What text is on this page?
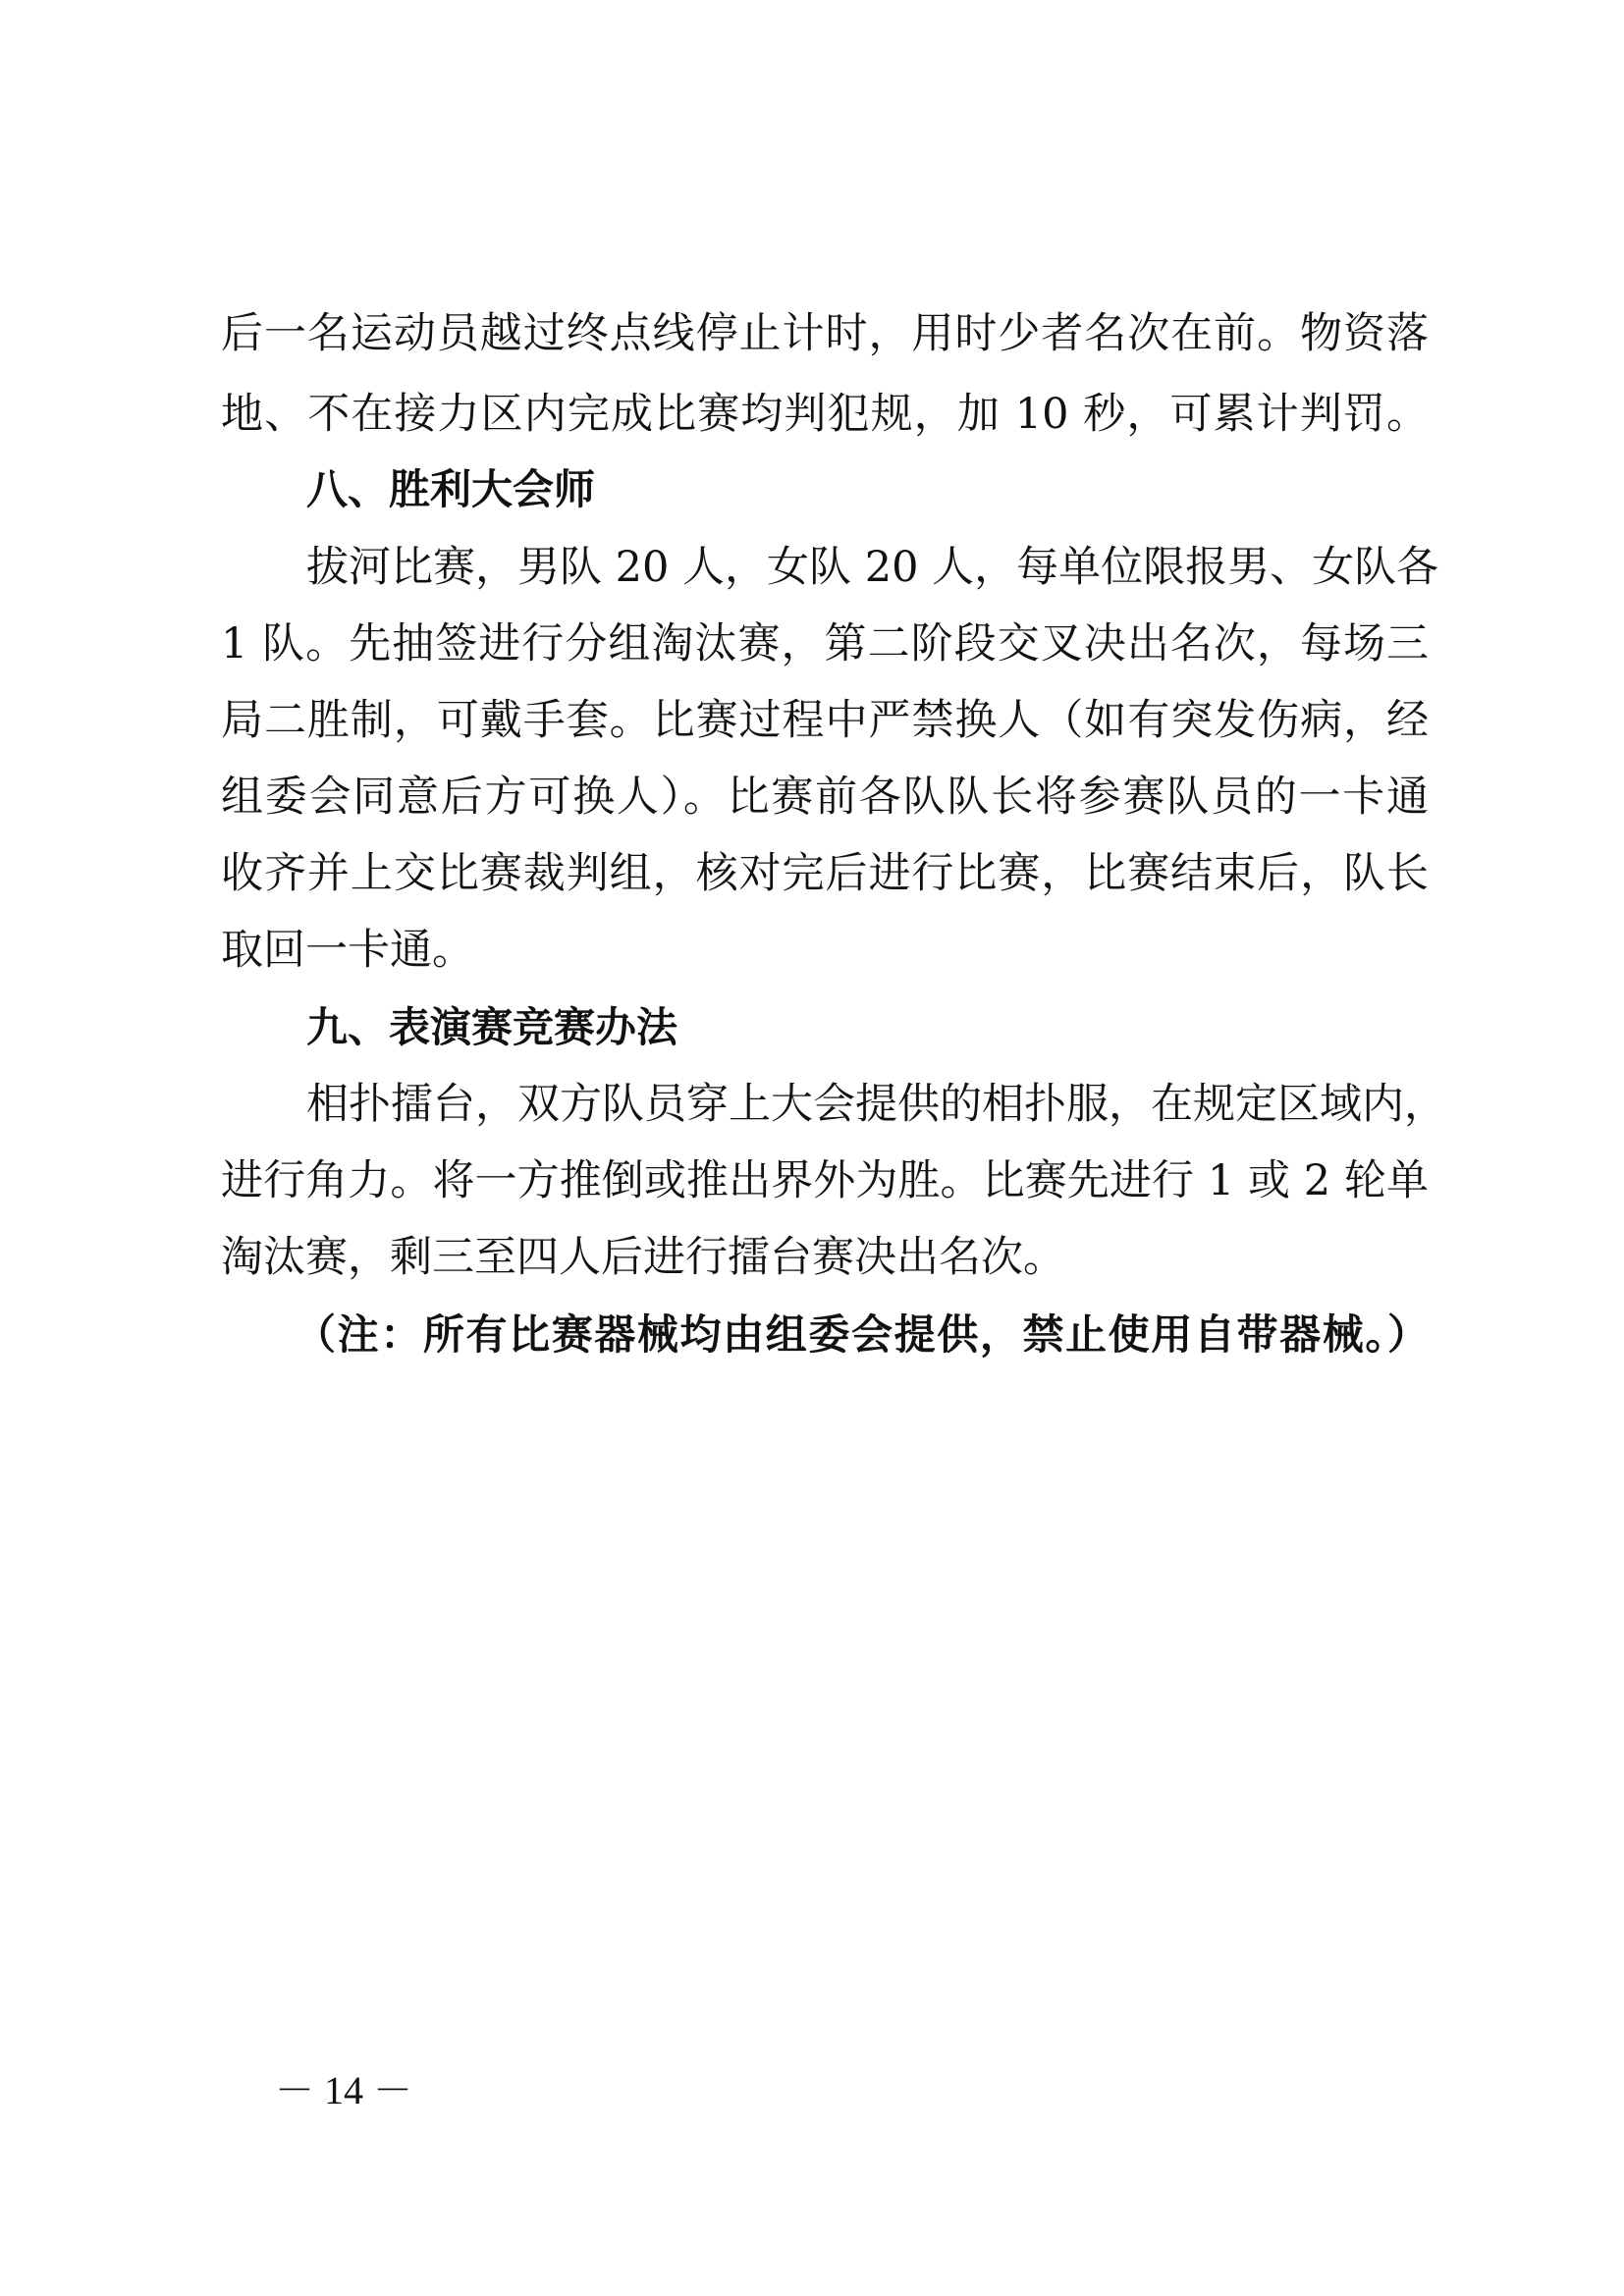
后一名运动员越过终点线停止计时，用时少者名次在前。物资落
地、不在接力区内完成比赛均判犯规，加 10 秒，可累计判罚。
八、胜利大会师
拔河比赛，男队 20 人，女队 20 人，每单位限报男、女队各
1 队。先抽签进行分组淘汰赛，第二阶段交叉决出名次，每场三
局二胜制，可戴手套。比赛过程中严禁换人（如有突发伤病，经
组委会同意后方可换人）。比赛前各队队长将参赛队员的一卡通
收齐并上交比赛裁判组，核对完后进行比赛，比赛结束后，队长
取回一卡通。
九、表演赛竞赛办法
相扑擂台，双方队员穿上大会提供的相扑服，在规定区域内，
进行角力。将一方推倒或推出界外为胜。比赛先进行 1 或 2 轮单
淘汰赛，剩三至四人后进行擂台赛决出名次。
（注：所有比赛器械均由组委会提供，禁止使用自带器械。）
－ 14 －
